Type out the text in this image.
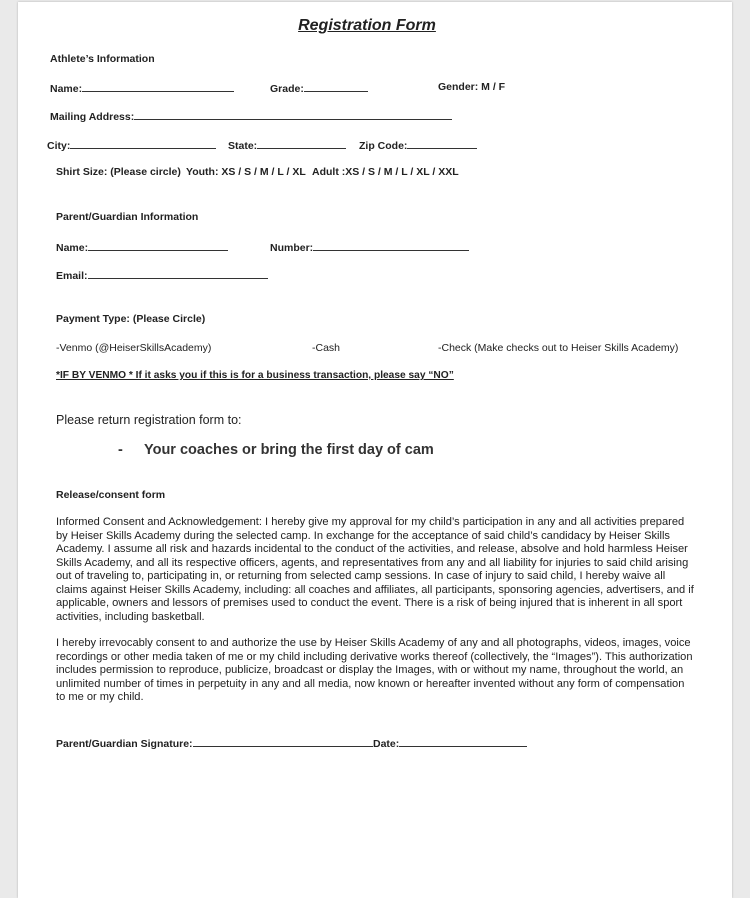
Registration Form
Athlete’s Information
Name:	Grade:	Gender: M / F
Mailing Address:
City:	State:	Zip Code:
Shirt Size: (Please circle) Youth: XS / S / M / L / XL Adult :XS / S / M / L / XL / XXL
Parent/Guardian Information
Name:	Number:
Email:
Payment Type: (Please Circle)
-Venmo (@HeiserSkillsAcademy)	-Cash	-Check (Make checks out to Heiser Skills Academy)
*IF BY VENMO * If it asks you if this is for a business transaction, please say “NO”
Please return registration form to:
- Your coaches or bring the first day of cam
Release/consent form
Informed Consent and Acknowledgement: I hereby give my approval for my child’s participation in any and all activities prepared by Heiser Skills Academy during the selected camp. In exchange for the acceptance of said child’s candidacy by Heiser Skills Academy. I assume all risk and hazards incidental to the conduct of the activities, and release, absolve and hold harmless Heiser Skills Academy, and all its respective officers, agents, and representatives from any and all liability for injuries to said child arising out of traveling to, participating in, or returning from selected camp sessions. In case of injury to said child, I hereby waive all claims against Heiser Skills Academy, including: all coaches and affiliates, all participants, sponsoring agencies, advertisers, and if applicable, owners and lessors of premises used to conduct the event. There is a risk of being injured that is inherent in all sport activities, including basketball.
I hereby irrevocably consent to and authorize the use by Heiser Skills Academy of any and all photographs, videos, images, voice recordings or other media taken of me or my child including derivative works thereof (collectively, the “Images”). This authorization includes permission to reproduce, publicize, broadcast or display the Images, with or without my name, throughout the world, an unlimited number of times in perpetuity in any and all media, now known or hereafter invented without any form of compensation to me or my child.
Parent/Guardian Signature:	Date:
